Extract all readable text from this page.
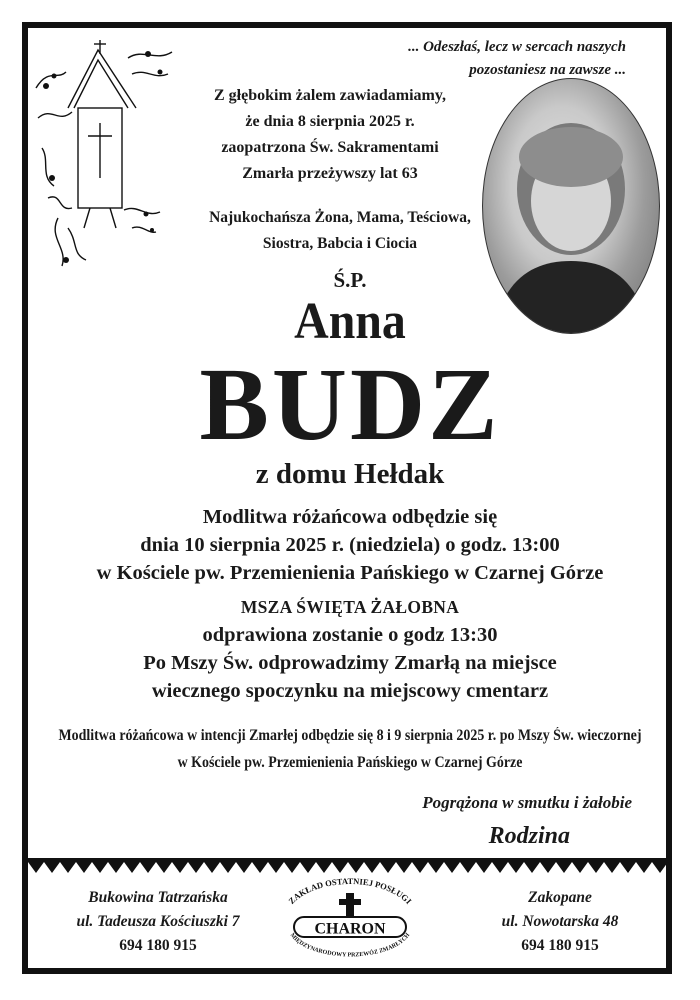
... Odeszłaś, lecz w sercach naszych
pozostaniesz na zawsze ...
Z głębokim żalem zawiadamiamy,
że dnia 8 sierpnia 2025 r.
zaopatrzona Św. Sakramentami
Zmarła przeżywszy lat 63
Najukochańsza Żona, Mama, Teściowa,
Siostra, Babcia i Ciocia
Ś.P.
Anna
BUDZ
z domu Hełdak
Modlitwa różańcowa odbędzie się
dnia 10 sierpnia 2025 r. (niedziela) o godz. 13:00
w Kościele pw. Przemienienia Pańskiego w Czarnej Górze
MSZA ŚWIĘTA ŻAŁOBNA
odprawiona zostanie o godz 13:30
Po Mszy Św. odprowadzimy Zmarłą na miejsce
wiecznego spoczynku na miejscowy cmentarz
Modlitwa różańcowa w intencji Zmarłej odbędzie się 8 i 9 sierpnia 2025 r. po Mszy Św. wieczornej
w Kościele pw. Przemienienia Pańskiego w Czarnej Górze
Pogrążona w smutku i żałobie
Rodzina
Bukowina Tatrzańska
ul. Tadeusza Kościuszki 7
694 180 915
ZAKŁAD OSTATNIEJ POSŁUGI
CHARON
MIĘDZYNARODOWY PRZEWÓZ ZMARŁYCH
Zakopane
ul. Nowotarska 48
694 180 915
